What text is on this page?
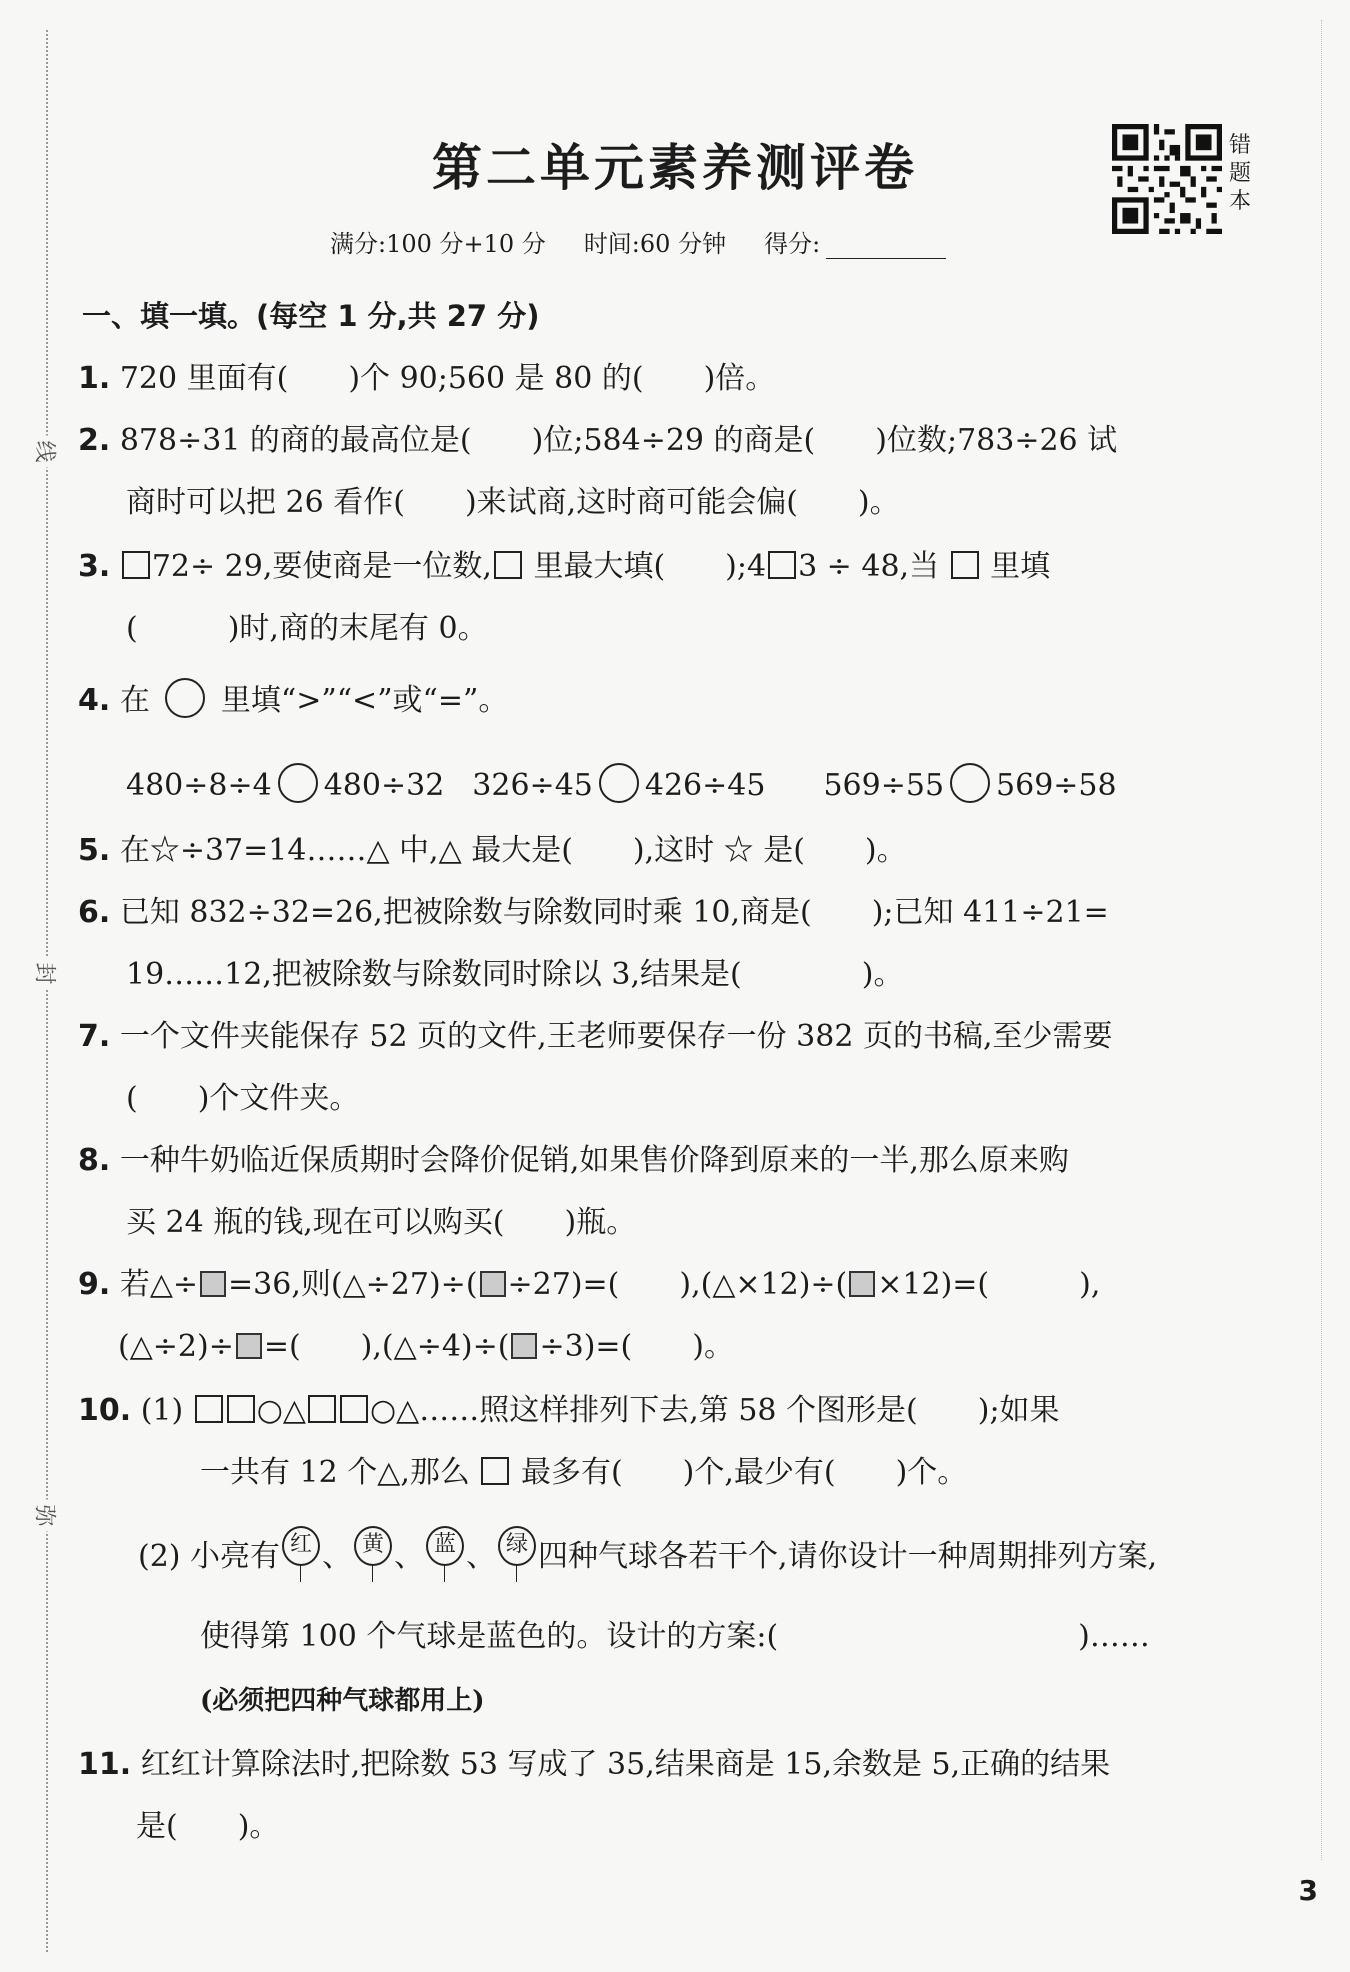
线
封
弥
第二单元素养测评卷	错
题
本
满分:100 分+10 分 时间:60 分钟 得分:
一、填一填。(每空 1 分,共 27 分)
1. 720 里面有(　　)个 90;560 是 80 的(　　)倍。
2. 878÷31 的商的最高位是(　　)位;584÷29 的商是(　　)位数;783÷26 试
商时可以把 26 看作(　　)来试商,这时商可能会偏(　　)。
3. 72÷ 29,要使商是一位数, 里最大填(　　);4 3 ÷ 48,当  里填
(　　　)时,商的末尾有 0。
4. 在  里填“>”“<”或“=”。
480÷8÷4 480÷32 326÷45 426÷45 569÷55 569÷58
5. 在☆÷37=14……△ 中,△ 最大是(　　),这时 ☆ 是(　　)。
6. 已知 832÷32=26,把被除数与除数同时乘 10,商是(　　);已知 411÷21=
19……12,把被除数与除数同时除以 3,结果是(　　　　)。
7. 一个文件夹能保存 52 页的文件,王老师要保存一份 382 页的书稿,至少需要
(　　)个文件夹。
8. 一种牛奶临近保质期时会降价促销,如果售价降到原来的一半,那么原来购
买 24 瓶的钱,现在可以购买(　　)瓶。
9. 若△÷ =36,则(△÷27)÷( ÷27)=(　　),(△×12)÷( ×12)=(　　　),
(△÷2)÷ =(　　),(△÷4)÷( ÷3)=(　　)。
10. (1) ○△ ○△……照这样排列下去,第 58 个图形是(　　);如果
一共有 12 个△,那么  最多有(　　)个,最少有(　　)个。
(2) 小亮有 红 、 黄 、 蓝 、 绿 四种气球各若干个,请你设计一种周期排列方案,
使得第 100 个气球是蓝色的。设计的方案:(　　　　　　　　　　)……
(必须把四种气球都用上)
11. 红红计算除法时,把除数 53 写成了 35,结果商是 15,余数是 5,正确的结果
是(　　)。
3
